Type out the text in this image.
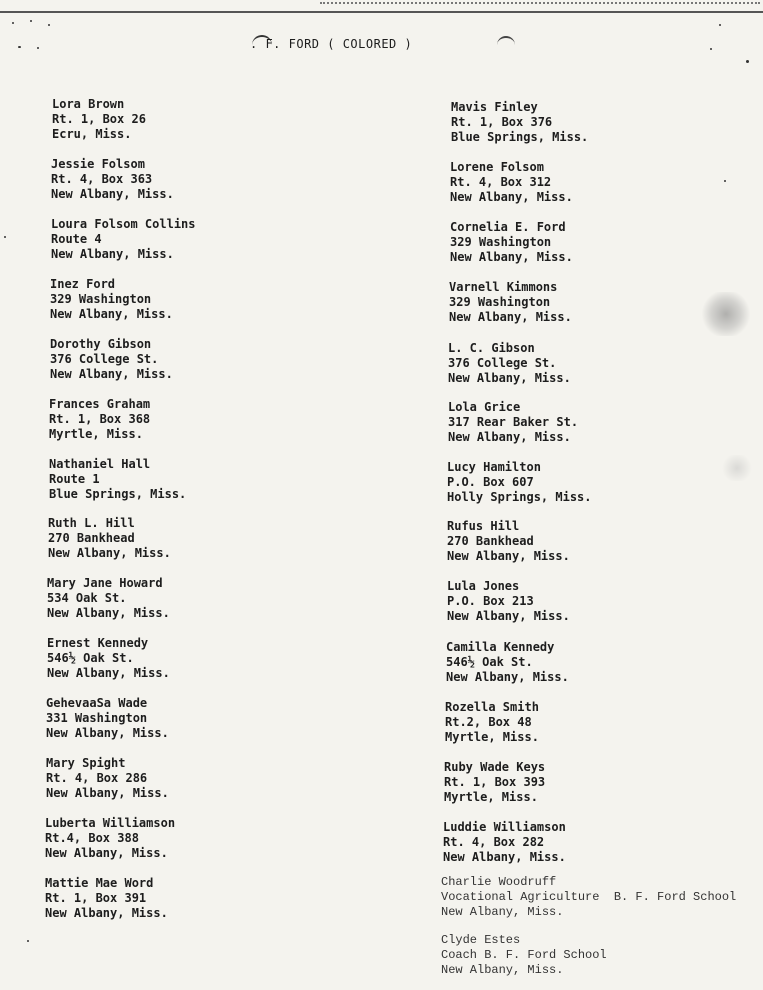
. F. FORD ( COLORED )
Lora Brown
Rt. 1, Box 26
Ecru, Miss.
Jessie Folsom
Rt. 4, Box 363
New Albany, Miss.
Loura Folsom Collins
Route 4
New Albany, Miss.
Inez Ford
329 Washington
New Albany, Miss.
Dorothy Gibson
376 College St.
New Albany, Miss.
Frances Graham
Rt. 1, Box 368
Myrtle, Miss.
Nathaniel Hall
Route 1
Blue Springs, Miss.
Ruth L. Hill
270 Bankhead
New Albany, Miss.
Mary Jane Howard
534 Oak St.
New Albany, Miss.
Ernest Kennedy
546½ Oak St.
New Albany, Miss.
GehevaaSa Wade
331 Washington
New Albany, Miss.
Mary Spight
Rt. 4, Box 286
New Albany, Miss.
Luberta Williamson
Rt.4, Box 388
New Albany, Miss.
Mattie Mae Word
Rt. 1, Box 391
New Albany, Miss.
Mavis Finley
Rt. 1, Box 376
Blue Springs, Miss.
Lorene Folsom
Rt. 4, Box 312
New Albany, Miss.
Cornelia E. Ford
329 Washington
New Albany, Miss.
Varnell Kimmons
329 Washington
New Albany, Miss.
L. C. Gibson
376 College St.
New Albany, Miss.
Lola Grice
317 Rear Baker St.
New Albany, Miss.
Lucy Hamilton
P.O. Box 607
Holly Springs, Miss.
Rufus Hill
270 Bankhead
New Albany, Miss.
Lula Jones
P.O. Box 213
New Albany, Miss.
Camilla Kennedy
546½ Oak St.
New Albany, Miss.
Rozella Smith
Rt.2, Box 48
Myrtle, Miss.
Ruby Wade Keys
Rt. 1, Box 393
Myrtle, Miss.
Luddie Williamson
Rt. 4, Box 282
New Albany, Miss.
Charlie Woodruff
Vocational Agriculture  B. F. Ford School
New Albany, Miss.
Clyde Estes
Coach B. F. Ford School
New Albany, Miss.
